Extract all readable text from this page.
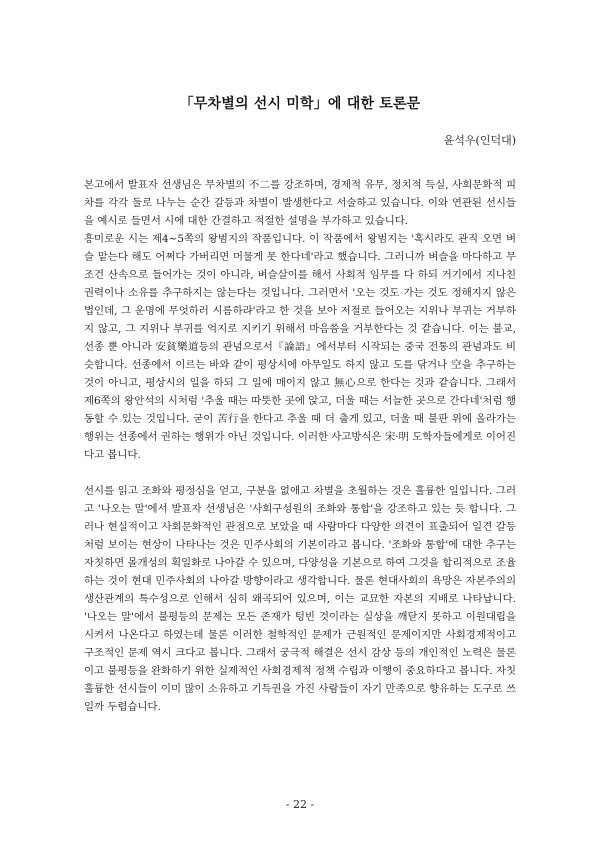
「무차별의 선시 미학」에 대한 토론문
윤석우(인덕대)

본고에서 발표자 선생님은 무차별의 不二를 강조하며, 경제적 유무, 정치적 득실, 사회문화적 피차를 각각 둘로 나누는 순간 갈등과 차별이 발생한다고 서술하고 있습니다. 이와 연관된 선시들을 예시로 들면서 시에 대한 간결하고 적절한 설명을 부가하고 있습니다.

흥미로운 시는 제4~5쪽의 왕범지의 작품입니다. 이 작품에서 왕범지는 '혹시라도 관직 오면 벼슬 맡는다 해도 어쩌다 가버리면 머물게 못 한다네'라고 했습니다. 그러니까 벼슬을 마다하고 무조건 산속으로 들어가는 것이 아니라, 벼슬살이를 해서 사회적 임무를 다 하되 거기에서 지나친 권력이나 소유를 추구하지는 않는다는 것입니다. 그러면서 '오는 것도 가는 것도 정해지지 않은 법인데, 그 운명에 무엇하러 시름하랴'라고 한 것을 보아 저절로 들어오는 지위나 부귀는 거부하지 않고, 그 지위나 부귀를 억지로 지키기 위해서 마음씀을 거부한다는 것 같습니다. 이는 불교, 선종 뿐 아니라 安貧樂道등의 관념으로서『論語』에서부터 시작되는 중국 전통의 관념과도 비슷합니다. 선종에서 이르는 바와 같이 평상시에 아무일도 하지 않고 도를 닦거나 空을 추구하는 것이 아니고, 평상시의 일을 하되 그 일에 매이지 않고 無心으로 한다는 것과 같습니다. 그래서 제6쪽의 왕안석의 시처럼 '추울 때는 따뜻한 곳에 앉고, 더울 때는 서늘한 곳으로 간다네'처럼 행동할 수 있는 것입니다. 굳이 苦行을 한다고 추울 때 더 춥게 있고, 더울 때 불판 위에 올라가는 행위는 선종에서 권하는 행위가 아닌 것입니다. 이러한 사고방식은 宋·明 도학자들에게로 이어진다고 봅니다.

선시를 읽고 조화와 평정심을 얻고, 구분을 없애고 차별을 초월하는 것은 훌륭한 일입니다. 그러고 '나오는 말'에서 발표자 선생님은 '사회구성원의 조화와 통합'을 강조하고 있는 듯 합니다. 그러나 현실적이고 사회문화적인 관점으로 보았을 때 사람마다 다양한 의견이 표출되어 일견 갈등처럼 보이는 현상이 나타나는 것은 민주사회의 기본이라고 봅니다. '조화와 통합'에 대한 추구는 자칫하면 몰개성의 획일화로 나아갈 수 있으며, 다양성을 기본으로 하여 그것을 합리적으로 조율하는 것이 현대 민주사회의 나아갈 방향이라고 생각합니다. 물론 현대사회의 욕망은 자본주의의 생산관계의 특수성으로 인해서 심히 왜곡되어 있으며, 이는 교묘한 자본의 지배로 나타납니다. '나오는 말'에서 불평등의 문제는 모든 존재가 텅빈 것이라는 실상을 깨닫지 못하고 이원대립을 시켜서 나온다고 하였는데 물론 이러한 철학적인 문제가 근원적인 문제이지만 사회경제적이고 구조적인 문제 역시 크다고 봅니다. 그래서 궁극적 해결은 선시 감상 등의 개인적인 노력은 물론이고 불평등을 완화하기 위한 실제적인 사회경제적 정책 수립과 이행이 중요하다고 봅니다. 자칫 훌륭한 선시들이 이미 많이 소유하고 기득권을 가진 사람들이 자기 만족으로 향유하는 도구로 쓰일까 두렵습니다.

- 22 -
